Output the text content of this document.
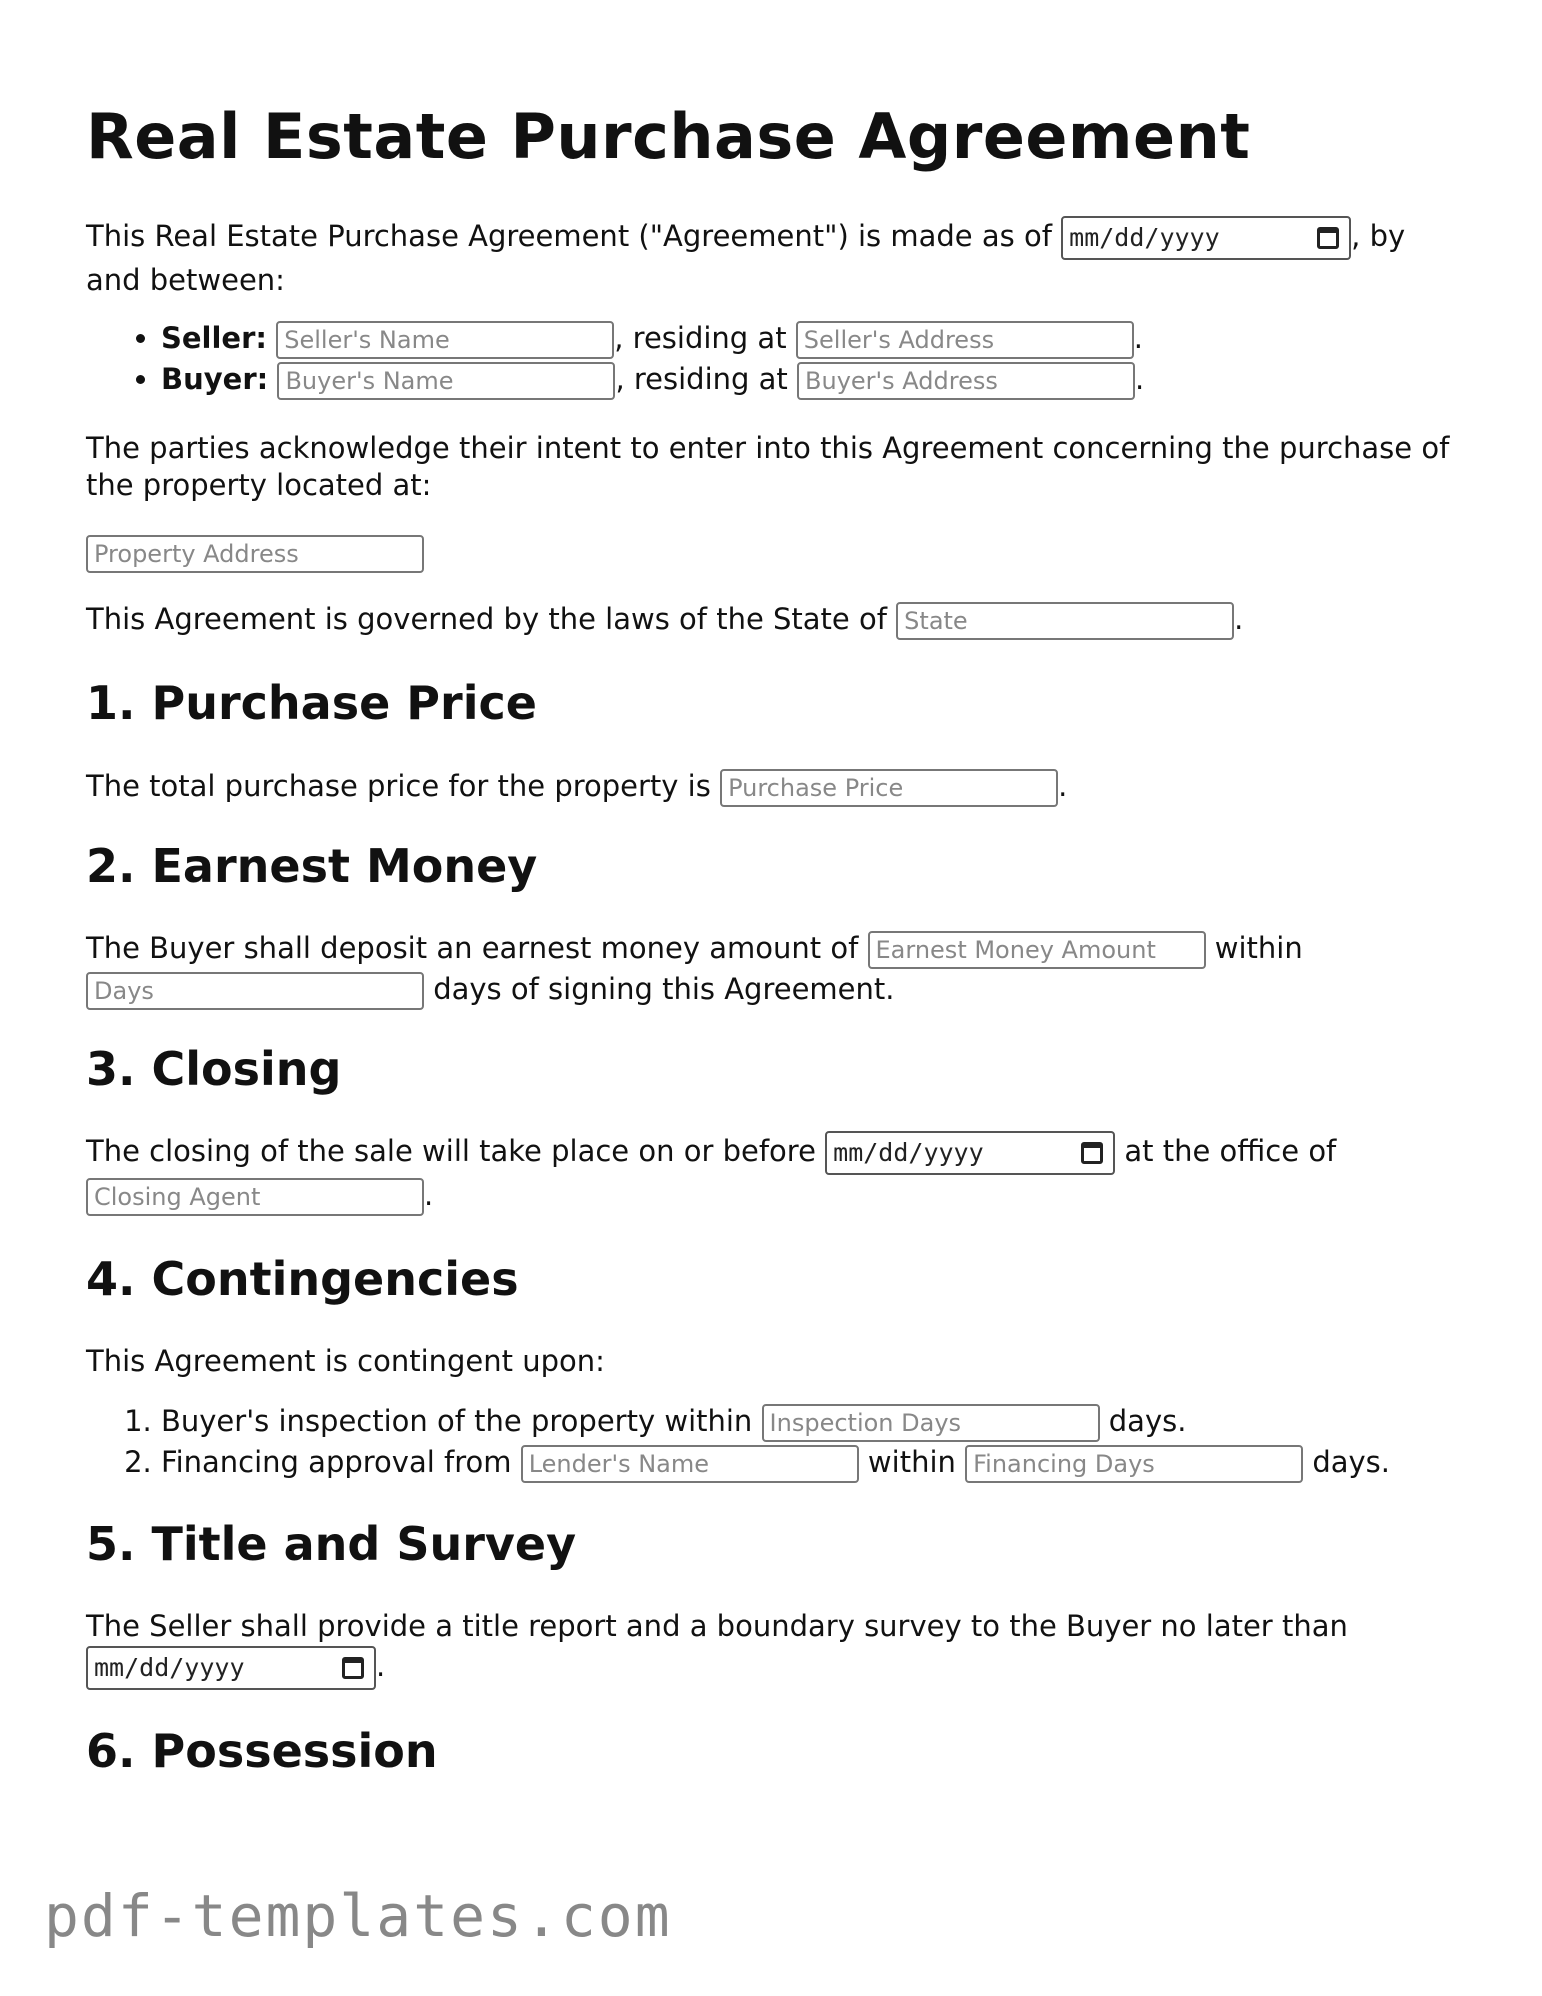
Real Estate Purchase Agreement

This Real Estate Purchase Agreement ("Agreement") is made as of mm/dd/yyyy	, by and between:

• Seller: Seller's Name	, residing at Seller's Address	.
• Buyer: Buyer's Name	, residing at Buyer's Address	.

The parties acknowledge their intent to enter into this Agreement concerning the purchase of the property located at:

Property Address

This Agreement is governed by the laws of the State of State	.

1. Purchase Price

The total purchase price for the property is Purchase Price	.

2. Earnest Money

The Buyer shall deposit an earnest money amount of Earnest Money Amount	within Days days of signing this Agreement.

3. Closing

The closing of the sale will take place on or before mm/dd/yyyy	at the office of Closing Agent .

4. Contingencies

This Agreement is contingent upon:

1. Buyer's inspection of the property within Inspection Days	days.
2. Financing approval from Lender's Name	within Financing Days	days.
5. Title and Survey

The Seller shall provide a title report and a boundary survey to the Buyer no later than
mm/dd/yyyy	.

6. Possession
pdf-templates.com
